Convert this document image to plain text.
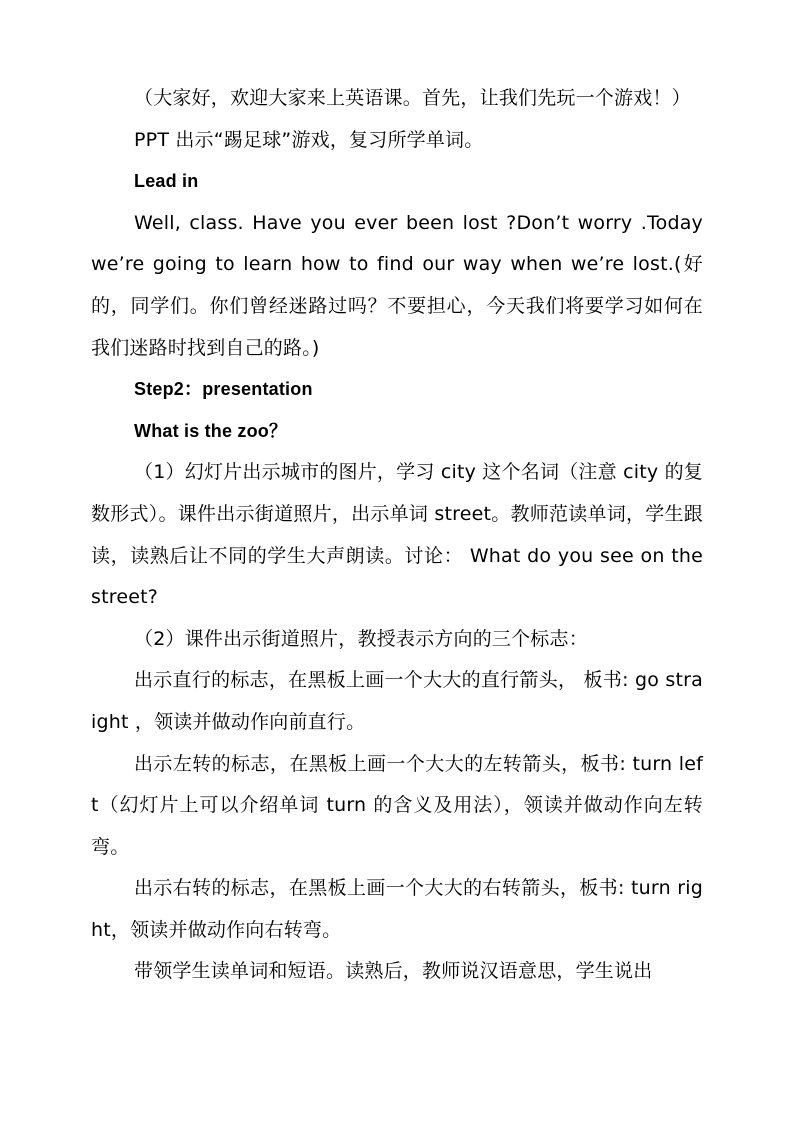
（大家好，欢迎大家来上英语课。首先，让我们先玩一个游戏！）

PPT 出示“踢足球”游戏，复习所学单词。

Lead in

Well, class. Have you ever been lost ?Don’t worry .Today we’re going to learn how to find our way when we’re lost.(好的，同学们。你们曾经迷路过吗？不要担心，今天我们将要学习如何在我们迷路时找到自己的路。)

Step2：presentation

What is the zoo？

（1）幻灯片出示城市的图片，学习 city 这个名词（注意 city 的复数形式）。课件出示街道照片，出示单词 street。教师范读单词，学生跟读，读熟后让不同的学生大声朗读。讨论： What do you see on the street?

（2）课件出示街道照片，教授表示方向的三个标志：

出示直行的标志，在黑板上画一个大大的直行箭头， 板书: go straight ，领读并做动作向前直行。

出示左转的标志，在黑板上画一个大大的左转箭头，板书: turn left（幻灯片上可以介绍单词 turn 的含义及用法），领读并做动作向左转弯。

出示右转的标志，在黑板上画一个大大的右转箭头，板书: turn right，领读并做动作向右转弯。

带领学生读单词和短语。读熟后，教师说汉语意思，学生说出
